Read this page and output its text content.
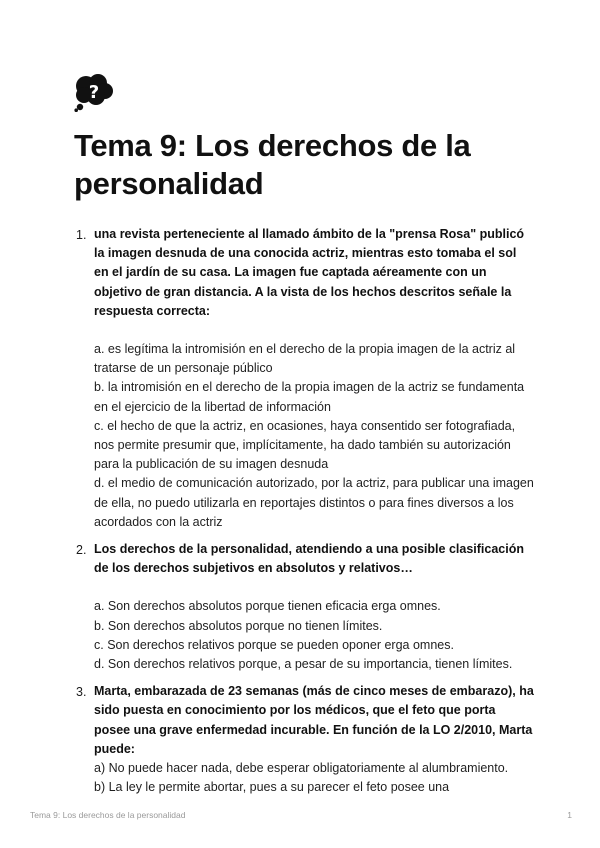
?
Tema 9: Los derechos de la personalidad
1. una revista perteneciente al llamado ámbito de la "prensa Rosa" publicó la imagen desnuda de una conocida actriz, mientras esto tomaba el sol en el jardín de su casa. La imagen fue captada aéreamente con un objetivo de gran distancia. A la vista de los hechos descritos señale la respuesta correcta:
a. es legítima la intromisión en el derecho de la propia imagen de la actriz al tratarse de un personaje público
b. la intromisión en el derecho de la propia imagen de la actriz se fundamenta en el ejercicio de la libertad de información
c. el hecho de que la actriz, en ocasiones, haya consentido ser fotografiada, nos permite presumir que, implícitamente, ha dado también su autorización para la publicación de su imagen desnuda
d. el medio de comunicación autorizado, por la actriz, para publicar una imagen de ella, no puedo utilizarla en reportajes distintos o para fines diversos a los acordados con la actriz
2. Los derechos de la personalidad, atendiendo a una posible clasificación de los derechos subjetivos en absolutos y relativos…
a. Son derechos absolutos porque tienen eficacia erga omnes.
b. Son derechos absolutos porque no tienen límites.
c. Son derechos relativos porque se pueden oponer erga omnes.
d. Son derechos relativos porque, a pesar de su importancia, tienen límites.
3. Marta, embarazada de 23 semanas (más de cinco meses de embarazo), ha sido puesta en conocimiento por los médicos, que el feto que porta posee una grave enfermedad incurable. En función de la LO 2/2010, Marta puede:
a) No puede hacer nada, debe esperar obligatoriamente al alumbramiento.
b) La ley le permite abortar, pues a su parecer el feto posee una
Tema 9: Los derechos de la personalidad	1
